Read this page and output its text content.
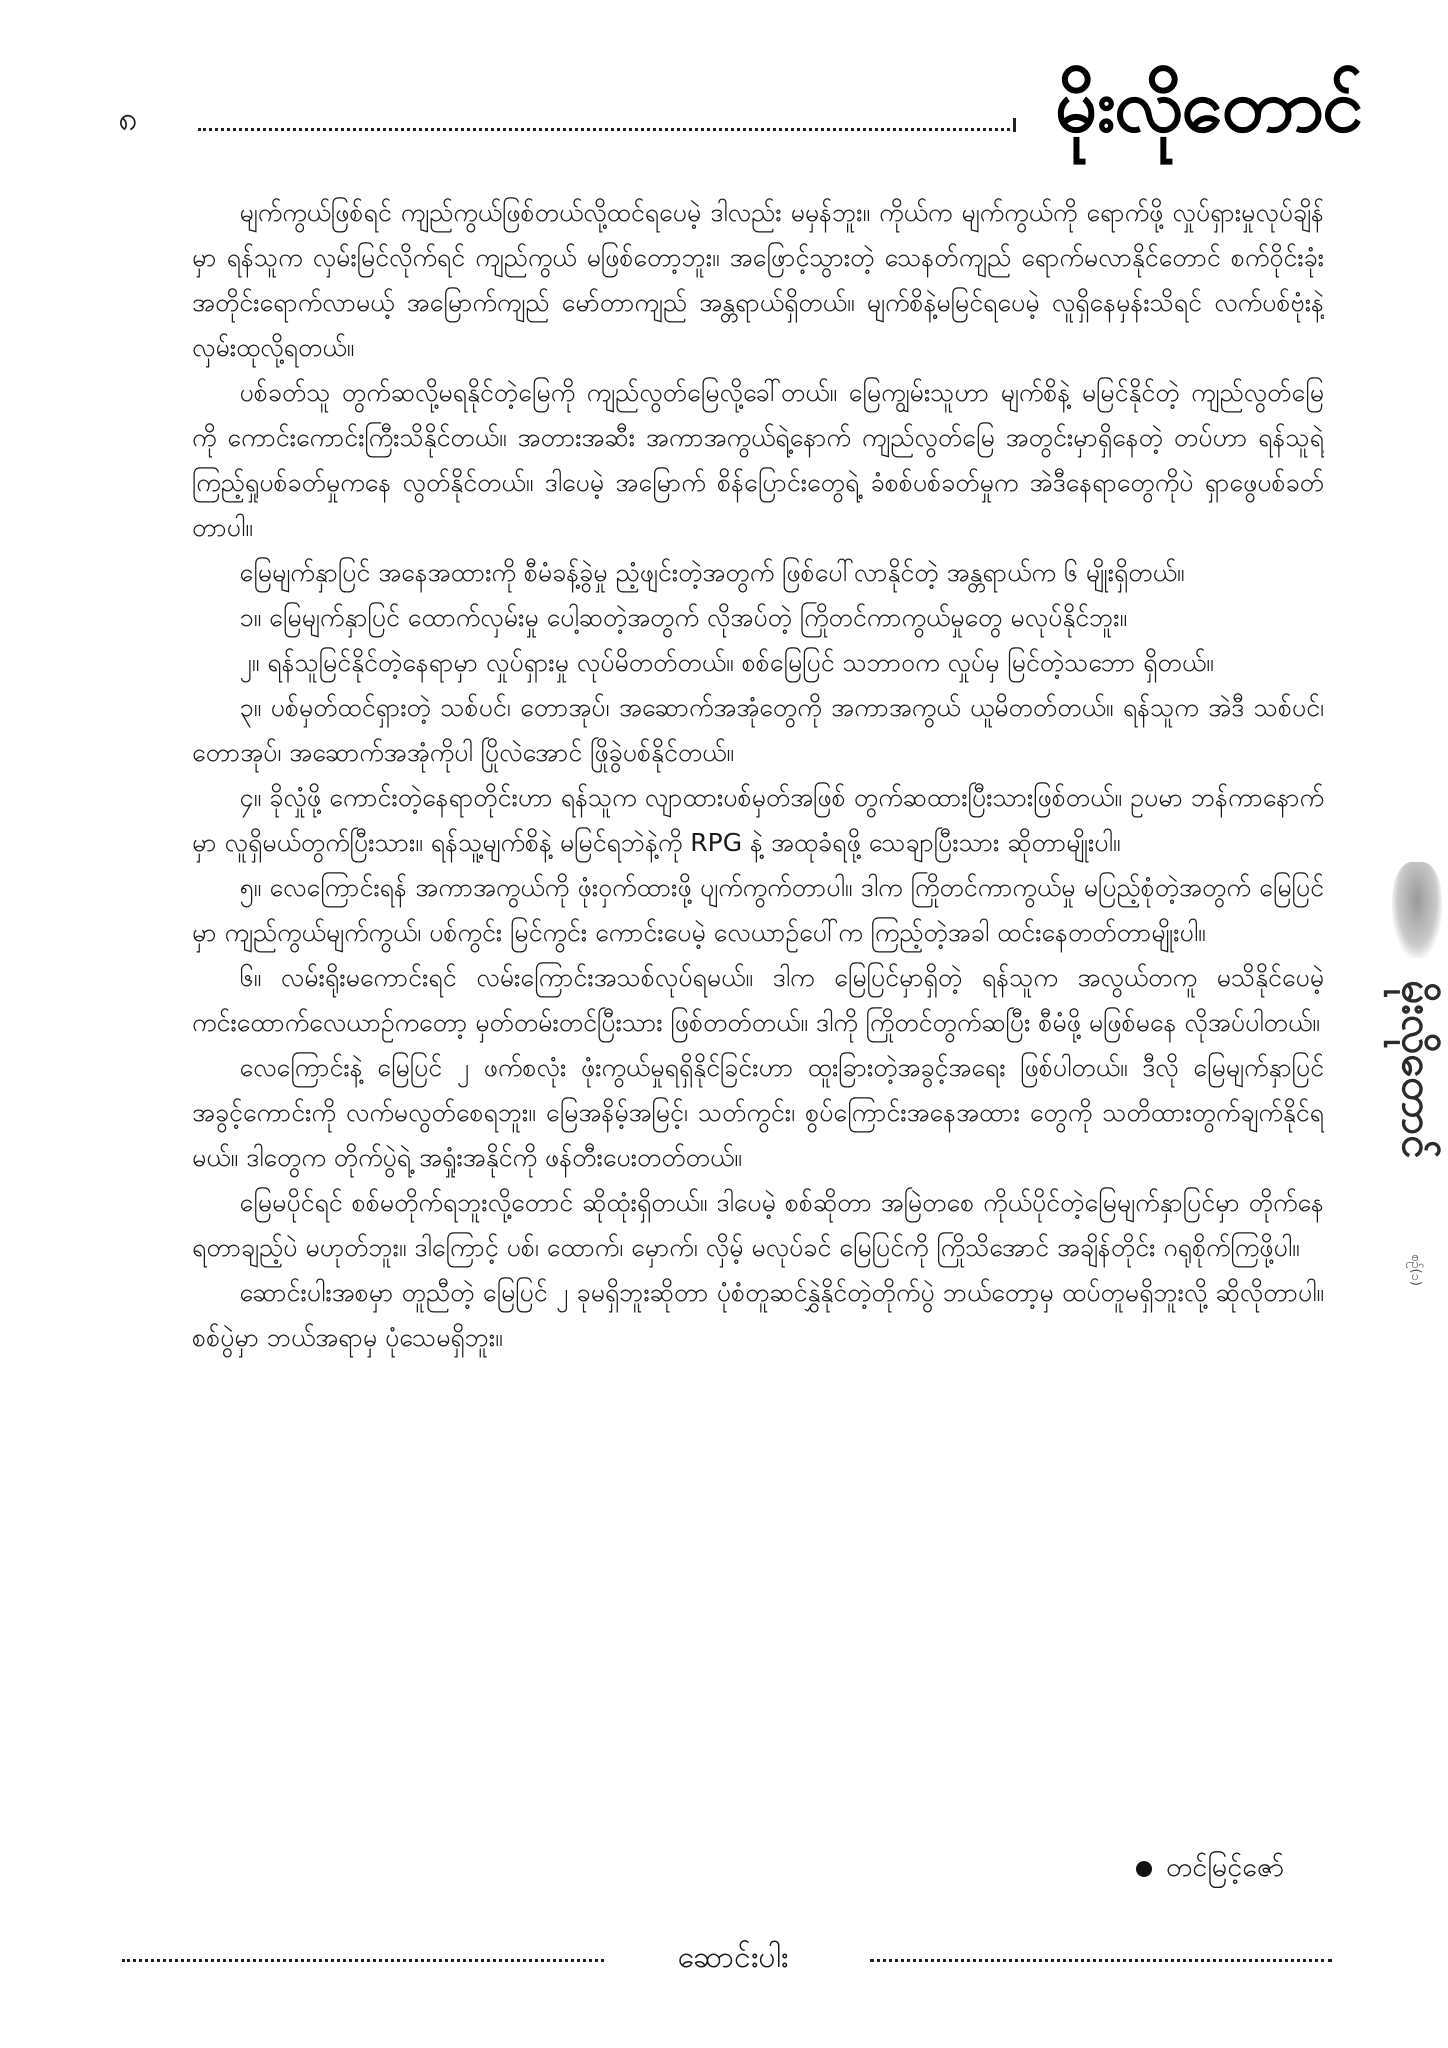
၈	မိုးလိုတောင်
မိုးလိုတောင်
စဉ်(၁)

မျက်ကွယ်ဖြစ်ရင် ကျည်ကွယ်ဖြစ်တယ်လို့ထင်ရပေမဲ့ ဒါလည်း မမှန်ဘူး။ ကိုယ်က မျက်ကွယ်ကို ရောက်ဖို့ လှုပ်ရှားမှုလုပ်ချိန်မှာ ရန်သူက လှမ်းမြင်လိုက်ရင် ကျည်ကွယ် မဖြစ်တော့ဘူး။ အဖြောင့်သွားတဲ့ သေနတ်ကျည် ရောက်မလာနိုင်တောင် စက်ဝိုင်းခုံးအတိုင်းရောက်လာမယ့် အမြောက်ကျည် မော်တာကျည် အန္တရာယ်ရှိတယ်။ မျက်စိနဲ့မမြင်ရပေမဲ့ လူရှိနေမှန်းသိရင် လက်ပစ်ဗုံးနဲ့ လှမ်းထုလို့ရတယ်။

ပစ်ခတ်သူ တွက်ဆလို့မရနိုင်တဲ့မြေကို ကျည်လွတ်မြေလို့ခေါ်တယ်။ မြေကျွမ်းသူဟာ မျက်စိနဲ့ မမြင်နိုင်တဲ့ ကျည်လွတ်မြေကို ကောင်းကောင်းကြီးသိနိုင်တယ်။ အတားအဆီး အကာအကွယ်ရဲ့နောက် ကျည်လွတ်မြေ အတွင်းမှာရှိနေတဲ့ တပ်ဟာ ရန်သူရဲ့ ကြည့်ရှုပစ်ခတ်မှုကနေ လွတ်နိုင်တယ်။ ဒါပေမဲ့ အမြောက် စိန်ပြောင်းတွေရဲ့ ခံစစ်ပစ်ခတ်မှုက အဲဒီနေရာတွေကိုပဲ ရှာဖွေပစ်ခတ်တာပါ။

မြေမျက်နှာပြင် အနေအထားကို စီမံခန့်ခွဲမှု ညံ့ဖျင်းတဲ့အတွက် ဖြစ်ပေါ်လာနိုင်တဲ့ အန္တရာယ်က ၆ မျိုးရှိတယ်။

၁။ မြေမျက်နှာပြင် ထောက်လှမ်းမှု ပေါ့ဆတဲ့အတွက် လိုအပ်တဲ့ ကြိုတင်ကာကွယ်မှုတွေ မလုပ်နိုင်ဘူး။

၂။ ရန်သူမြင်နိုင်တဲ့နေရာမှာ လှုပ်ရှားမှု လုပ်မိတတ်တယ်။ စစ်မြေပြင် သဘာဝက လှုပ်မှ မြင်တဲ့သဘော ရှိတယ်။

၃။ ပစ်မှတ်ထင်ရှားတဲ့ သစ်ပင်၊ တောအုပ်၊ အဆောက်အအုံတွေကို အကာအကွယ် ယူမိတတ်တယ်။ ရန်သူက အဲဒီ သစ်ပင်၊ တောအုပ်၊ အဆောက်အအုံကိုပါ ပြိုလဲအောင် ဖြိုခွဲပစ်နိုင်တယ်။

၄။ ခိုလှုံဖို့ ကောင်းတဲ့နေရာတိုင်းဟာ ရန်သူက လျာထားပစ်မှတ်အဖြစ် တွက်ဆထားပြီးသားဖြစ်တယ်။ ဥပမာ ဘန်ကာနောက်မှာ လူရှိမယ်တွက်ပြီးသား။ ရန်သူ့မျက်စိနဲ့ မမြင်ရဘဲနဲ့ကို RPG နဲ့ အထုခံရဖို့ သေချာပြီးသား ဆိုတာမျိုးပါ။

၅။ လေကြောင်းရန် အကာအကွယ်ကို ဖုံးဝှက်ထားဖို့ ပျက်ကွက်တာပါ။ ဒါက ကြိုတင်ကာကွယ်မှု မပြည့်စုံတဲ့အတွက် မြေပြင်မှာ ကျည်ကွယ်မျက်ကွယ်၊ ပစ်ကွင်း မြင်ကွင်း ကောင်းပေမဲ့ လေယာဉ်ပေါ်က ကြည့်တဲ့အခါ ထင်းနေတတ်တာမျိုးပါ။

၆။ လမ်းရိုးမကောင်းရင် လမ်းကြောင်းအသစ်လုပ်ရမယ်။ ဒါက မြေပြင်မှာရှိတဲ့ ရန်သူက အလွယ်တကူ မသိနိုင်ပေမဲ့ ကင်းထောက်လေယာဉ်ကတော့ မှတ်တမ်းတင်ပြီးသား ဖြစ်တတ်တယ်။ ဒါကို ကြိုတင်တွက်ဆပြီး စီမံဖို့ မဖြစ်မနေ လိုအပ်ပါတယ်။

လေကြောင်းနဲ့ မြေပြင် ၂ ဖက်စလုံး ဖုံးကွယ်မှုရရှိနိုင်ခြင်းဟာ ထူးခြားတဲ့အခွင့်အရေး ဖြစ်ပါတယ်။ ဒီလို မြေမျက်နှာပြင် အခွင့်ကောင်းကို လက်မလွတ်စေရဘူး။ မြေအနိမ့်အမြင့်၊ သတ်ကွင်း၊ စွပ်ကြောင်းအနေအထား တွေကို သတိထားတွက်ချက်နိုင်ရမယ်။ ဒါတွေက တိုက်ပွဲရဲ့ အရှုံးအနိုင်ကို ဖန်တီးပေးတတ်တယ်။

မြေမပိုင်ရင် စစ်မတိုက်ရဘူးလို့တောင် ဆိုထုံးရှိတယ်။ ဒါပေမဲ့ စစ်ဆိုတာ အမြဲတစေ ကိုယ်ပိုင်တဲ့မြေမျက်နှာပြင်မှာ တိုက်နေရတာချည့်ပဲ မဟုတ်ဘူး။ ဒါကြောင့် ပစ်၊ ထောက်၊ မှောက်၊ လှိမ့် မလုပ်ခင် မြေပြင်ကို ကြိုသိအောင် အချိန်တိုင်း ဂရုစိုက်ကြဖို့ပါ။

ဆောင်းပါးအစမှာ တူညီတဲ့ မြေပြင် ၂ ခုမရှိဘူးဆိုတာ ပုံစံတူဆင်နွှဲနိုင်တဲ့တိုက်ပွဲ ဘယ်တော့မှ ထပ်တူမရှိဘူးလို့ ဆိုလိုတာပါ။ စစ်ပွဲမှာ ဘယ်အရာမှ ပုံသေမရှိဘူး။

တင်မြင့်ဇော်
ဆောင်းပါး
